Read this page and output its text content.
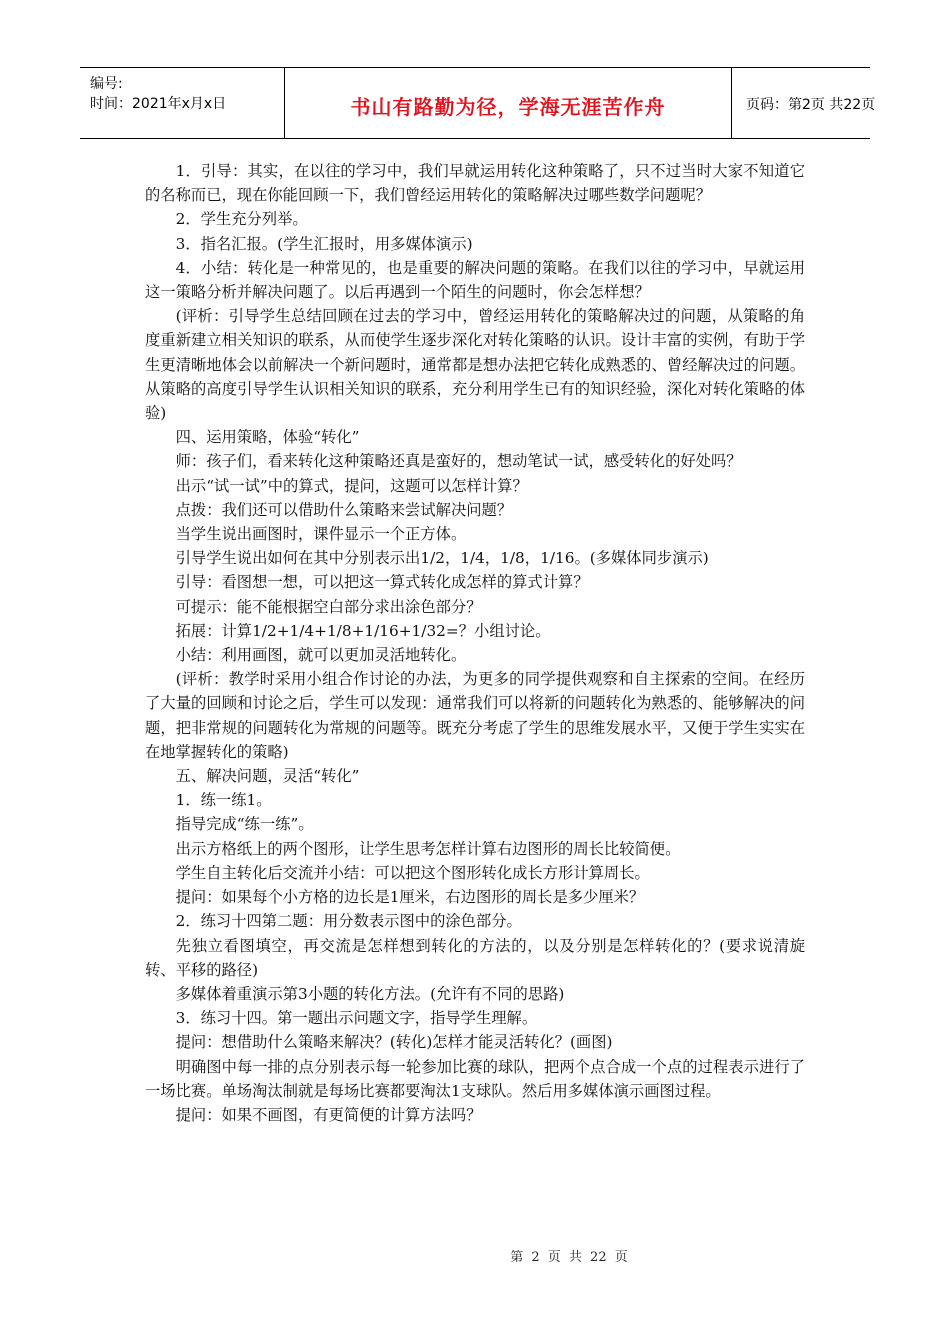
编号:
时间：2021年x月x日	书山有路勤为径，学海无涯苦作舟	页码：第2页 共22页

1．引导：其实，在以往的学习中，我们早就运用转化这种策略了，只不过当时大家不知道它的名称而已，现在你能回顾一下，我们曾经运用转化的策略解决过哪些数学问题呢？

2．学生充分列举。

3．指名汇报。(学生汇报时，用多媒体演示)

4．小结：转化是一种常见的，也是重要的解决问题的策略。在我们以往的学习中，早就运用这一策略分析并解决问题了。以后再遇到一个陌生的问题时，你会怎样想？

(评析：引导学生总结回顾在过去的学习中，曾经运用转化的策略解决过的问题，从策略的角度重新建立相关知识的联系，从而使学生逐步深化对转化策略的认识。设计丰富的实例，有助于学生更清晰地体会以前解决一个新问题时，通常都是想办法把它转化成熟悉的、曾经解决过的问题。从策略的高度引导学生认识相关知识的联系，充分利用学生已有的知识经验，深化对转化策略的体验)

四、运用策略，体验“转化”

师：孩子们，看来转化这种策略还真是蛮好的，想动笔试一试，感受转化的好处吗？

出示“试一试”中的算式，提问，这题可以怎样计算？

点拨：我们还可以借助什么策略来尝试解决问题？

当学生说出画图时，课件显示一个正方体。

引导学生说出如何在其中分别表示出1/2，1/4，1/8，1/16。(多媒体同步演示)

引导：看图想一想，可以把这一算式转化成怎样的算式计算？

可提示：能不能根据空白部分求出涂色部分？

拓展：计算1/2+1/4+1/8+1/16+1/32=？小组讨论。

小结：利用画图，就可以更加灵活地转化。

(评析：教学时采用小组合作讨论的办法，为更多的同学提供观察和自主探索的空间。在经历了大量的回顾和讨论之后，学生可以发现：通常我们可以将新的问题转化为熟悉的、能够解决的问题，把非常规的问题转化为常规的问题等。既充分考虑了学生的思维发展水平，又便于学生实实在在地掌握转化的策略)

五、解决问题，灵活“转化”

1．练一练1。

指导完成“练一练”。

出示方格纸上的两个图形，让学生思考怎样计算右边图形的周长比较简便。

学生自主转化后交流并小结：可以把这个图形转化成长方形计算周长。

提问：如果每个小方格的边长是1厘米，右边图形的周长是多少厘米？

2．练习十四第二题：用分数表示图中的涂色部分。

先独立看图填空，再交流是怎样想到转化的方法的，以及分别是怎样转化的？(要求说清旋转、平移的路径)

多媒体着重演示第3小题的转化方法。(允许有不同的思路)

3．练习十四。第一题出示问题文字，指导学生理解。

提问：想借助什么策略来解决？(转化)怎样才能灵活转化？(画图)

明确图中每一排的点分别表示每一轮参加比赛的球队，把两个点合成一个点的过程表示进行了一场比赛。单场淘汰制就是每场比赛都要淘汰1支球队。然后用多媒体演示画图过程。

提问：如果不画图，有更简便的计算方法吗？

第 2 页 共 22 页
